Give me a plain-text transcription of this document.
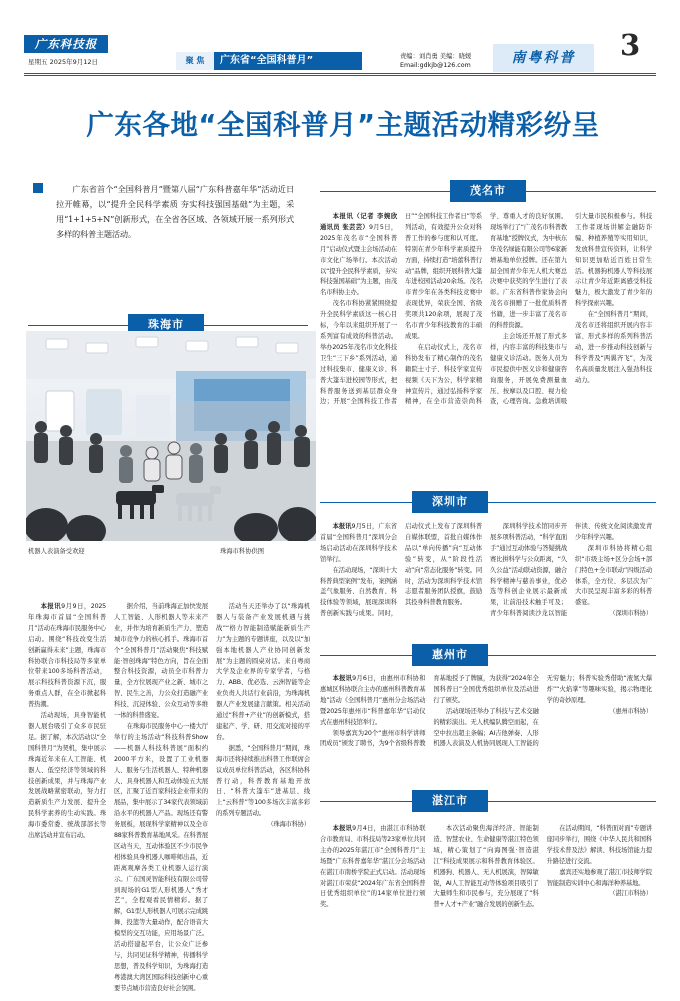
广东科技报
星期五 2025年9月12日	聚 焦	广东省“全国科普月”	责编：刘肖勇 美编：晓媛
Email:gdkjb@126.com	南粤科普	3
广东各地“全国科普月”主题活动精彩纷呈

广东省首个“全国科普月”暨第八届“广东科普嘉年华”活动近日拉开帷幕，以“提升全民科学素质 夯实科技强国基础”为主题，采用“1+1+5+N”创新形式，在全省各区域、各领域开展一系列形式多样的科普主题活动。

珠海市
机器人表演备受欢迎	珠海市科协供图

本报讯9月9日，2025年珠海市首届“全国科普月”活动在珠海市民服务中心启动。围绕“科技改变生活 创新赢得未来”主题，珠海市科协联合市科技局等多家单位带来100多场科普活动，展示科技科普资源下沉，服务重点人群，在全市掀起科普热潮。

活动现场，具身智能机器人展台吸引了众多市民驻足。据了解，本次活动以“全国科普月”为契机，集中展示珠海近年来在人工智能、机器人、低空经济等领域的科技创新成果，并与珠海产业发展战略紧密联动，努力打造新质生产力发展、提升全民科学素养的生动实践。珠海市委常委、统战部部长等出席活动并宣布启动。

据介绍，当前珠海正加快发展人工智能、人形机器人等未来产业，并作为培育新质生产力、塑造城市竞争力的核心抓手。珠海市首个“全国科普月”活动聚焦“科技赋能·智创珠海”特色方向，旨在全面整合科技资源，动员全市科普力量，全方位展现产业之新、城市之智、民生之善，力公众打造融产业科技、沉浸体验、公众互动等多维一体的科普盛宴。

在珠海市民服务中心一楼大厅举行的主场活动“科技科普Show——机器人科技科普展”面积约2000平方米，设置了工业机器人、服务与生活机器人、特种机器人、具身机器人和互动体验五大展区，汇聚了近百家科技企业带来的展品，集中展示了34家代表领域前沿水平的机器人产品。现场还有警务展板，展现科学家精神以及全市88家科普教育基地风采。在科普展区动当天，互动体验区不少市民争相体验具身机器人咖啡师出品，近距离观摩各类工业机器人运行演示。广东国灵智能科技有限公司带到现场的G1型人形机器人“秀才艺”，全程观看民情精彩。据了解，G1型人形机器人可展示完成跳舞、投篮等大量动作，配合语音大模型的交互功能，应用场景广泛。活动搭建起平台，让公众广泛参与，共同见证科学精神，传播科学思想，普及科学知识，为珠海打造粤港澳大湾区国际科技创新中心重要节点城市营造良好社会氛围。

活动当天还举办了以“珠海机器人与装备产业发展机遇与挑战”“格力智能制造赋能新质生产力”为主题的专题讲座，以及以“加强本地机器人产业协同创新发展”为主题的圆桌对话。来自粤商大学及企业界的专家学者，与格力、ABB、优必选、云洲智能等企业负责人共话行业前沿，为珠海机器人产业发展建言献策。相关活动通过“科普+产业”的创新模式，搭建起产、学、研、用交流对接的平台。

据悉，“全国科普月”期间，珠海市还将持续推出科普工作联席会议成员单位科普活动，各区科协科普行动，科普教育基地开放日、“科普大篷车”进基层、线上“云科普”等100多场次丰富多彩的系列专题活动。

（珠海市科协）
茂名市

本报讯（记者 李婉欣 通讯员 张芸芸）9月5日，2025年茂名市“全国科普月”启动仪式暨主会场活动在市文化广场举行。本次活动以“提升全民科学素质，夯实科技强国基础”为主题，由茂名市科协主办。

茂名市科协紧紧围绕提升全民科学素质这一核心目标，今年以来组织开展了一系列富有成效的科普活动。举办2025年茂名市文化科技卫生“三下乡”系列活动，通过科技集市、健康义诊、科普大篷车进校园等形式，把科普服务送到基层群众身边；开展“全国科技工作者日”“全国科技工作者日”等系列活动，有效提升公众对科普工作的参与度和认可度。特别在青少年科学素质提升方面，持续打造“培蕾科普行动”品牌，组织开展科普大篷车进校园活动20余场。茂名市青少年在各类科技竞赛中表现优异，荣获全国、省级奖项共120余项，展现了茂名市青少年科技教育的丰硕成果。

在启动仪式上，茂名市科协发布了精心制作的茂名籍院士寸子、科技学家宣传视频《天下为公，科学家精神宣传片，通过弘扬科学家精神，在全市营造崇尚科学、尊重人才的良好氛围。现场举行了“广茂名市科普教育基地”授牌仪式，为中核东华茂名绿能有限公司等6家新增基地单位授牌。还在第九届全国青少年无人机大赛总决赛中获奖的学生进行了表彰。广东省科普作家协会向茂名市捐赠了一批优质科普书籍，进一步丰富了茂名市的科普资源。

主会场还开展了形式多样，内容丰富的科技集市与健康义诊活动。医务人员为市民提供中医义诊和健康咨询服务，开展免费测量血压、按摩以及口腔、视力检查，心理咨询。急救培训吸引大量市民积极参与。科技工作者现场讲解金融防诈骗、种植养殖等实用知识，发放科普宣传资料，让科学知识更加贴近百姓日常生活。机器狗机器人等科技展示让青少年近距离感受科技魅力，极大激发了青少年的科学探索兴趣。

在“全国科普月”期间，茂名市还将组织开展内容丰富、形式多样的系列科普活动，进一步推动科技创新与科学普及“两翼齐飞”，为茂名高质量发展注入强劲科技动力。

深圳市

本报讯9月5日，广东省首届“全国科普月”深圳分会场启动活动在深圳科学技术馆举行。

在活动现场，“深圳十大科普典型案例”发布，案例涵盖气象服务、自然教育、科技体验等领域，展现深圳科普创新实践与成果。同时，启动仪式上发布了深圳科普自媒体联盟，首批自媒体作品以“单向传播”向“互动体验”转变，从“阶段性活动”向“常态化服务”转变。同时，活动为深圳科学技术馆志愿者服务团队授旗，鼓励其投身科普教育服务。

深圳科学技术馆同步开展多项科普活动，“科学直面手”通过互动体验与答疑挑战赛比拼科学与公众距离，“久久公益”活动联动资源，融合科学精神与慈善事业，优必选等科创企业展示最新成果，让前沿技术触手可及；青少年科普阅读沙龙以智能伴读、传统文化阅读激发青少年科学兴趣。

深圳市科协将精心组织“市级主场+区分会场+部门特色+全市联动”四级活动体系，全方位、多层次为广大市民呈现丰富多彩的科普盛宴。

（深圳市科协）
惠州市

本报讯9月6日，由惠州市科协和惠城区科协联合主办的惠州科普教育基地”活动《全国科普月”惠州分会场活动暨2025年惠州市“科普嘉年华”启动仪式在惠州科技馆举行。

领导嘉宾为20个“惠州市科学讲师团成员”颁发了聘书，为9个省级科普教育基地授予了牌匾，为获得“2024年全国科普日”全国优秀组织单位及活动进行了颁奖。

活动现场还举办了科技与艺术交融的精彩演出。无人机编队腾空而起，在空中拉出超主条幅；AI吉他弹奏、人形机器人表演及人机协同展现人工智能的无穷魅力；科普实验秀借助“液氮大爆炸”“火焰掌”等趣味实验，揭示物理化学的奇妙原理。

（惠州市科协）
湛江市

本报讯9月4日，由湛江市科协联合市教育局、市科技局等23家单位共同主办的2025年湛江市“全国科普月”主场暨“广东科普嘉年华”湛江分会场活动在湛江市南桥学院正式启动。活动现场对湛江市荣获“2024年广东省全国科普日优秀组织单位”的14家单位进行颁奖。

本次活动聚焦海洋经济、智能制造、智慧农业、生命健康等湛江特色领域，精心策划了“向海图强·智造湛江”科技成果展示和科普教育体验区。机器狗、机器人、无人机展演，智障敏锐，AI人工智能互动等体验项目吸引了大量师生和市民参与，充分展现了“科普+人才+产业”融合发展的创新生态。

在活动期间，“科普面对面”专题讲座同步举行，围绕《中华人民共和国科学技术普及法》解读、科技场馆能力提升路径进行交流。

嘉宾还实地参观了湛江市技师学院智能制造实训中心和海洋种养基地。

（湛江市科协）
